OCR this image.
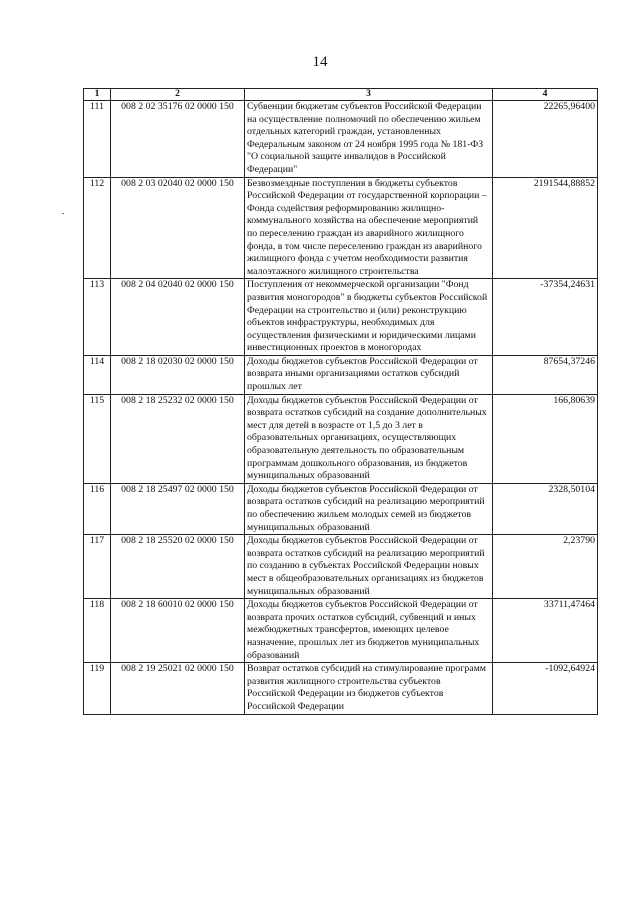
14
1	2	3	4
111	008 2 02 35176 02 0000 150	Субвенции бюджетам субъектов Российской Федерации на осуществление полномочий по обеспечению жильем отдельных категорий граждан, установленных Федеральным законом от 24 ноября 1995 года № 181-ФЗ "О социальной защите инвалидов в Российской Федерации"	22265,96400
112	008 2 03 02040 02 0000 150	Безвозмездные поступления в бюджеты субъектов Российской Федерации от государственной корпорации – Фонда содействия реформированию жилищно-коммунального хозяйства на обеспечение мероприятий по переселению граждан из аварийного жилищного фонда, в том числе переселению граждан из аварийного жилищного фонда с учетом необходимости развития малоэтажного жилищного строительства	2191544,88852
113	008 2 04 02040 02 0000 150	Поступления от некоммерческой организации "Фонд развития моногородов" в бюджеты субъектов Российской Федерации на строительство и (или) реконструкцию объектов инфраструктуры, необходимых для осуществления физическими и юридическими лицами инвестиционных проектов в моногородах	-37354,24631
114	008 2 18 02030 02 0000 150	Доходы бюджетов субъектов Российской Федерации от возврата иными организациями остатков субсидий прошлых лет	87654,37246
115	008 2 18 25232 02 0000 150	Доходы бюджетов субъектов Российской Федерации от возврата остатков субсидий на создание дополнительных мест для детей в возрасте от 1,5 до 3 лет в образовательных организациях, осуществляющих образовательную деятельность по образовательным программам дошкольного образования, из бюджетов муниципальных образований	166,80639
116	008 2 18 25497 02 0000 150	Доходы бюджетов субъектов Российской Федерации от возврата остатков субсидий на реализацию мероприятий по обеспечению жильем молодых семей из бюджетов муниципальных образований	2328,50104
117	008 2 18 25520 02 0000 150	Доходы бюджетов субъектов Российской Федерации от возврата остатков субсидий на реализацию мероприятий по созданию в субъектах Российской Федерации новых мест в общеобразовательных организациях из бюджетов муниципальных образований	2,23790
118	008 2 18 60010 02 0000 150	Доходы бюджетов субъектов Российской Федерации от возврата прочих остатков субсидий, субвенций и иных межбюджетных трансфертов, имеющих целевое назначение, прошлых лет из бюджетов муниципальных образований	33711,47464
119	008 2 19 25021 02 0000 150	Возврат остатков субсидий на стимулирование программ развития жилищного строительства субъектов Российской Федерации из бюджетов субъектов Российской Федерации	-1092,64924
